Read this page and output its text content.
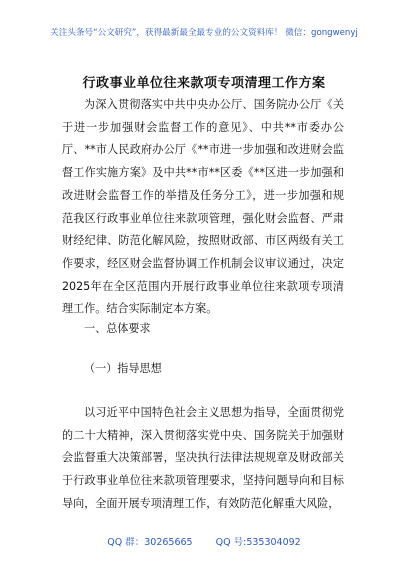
关注头条号“公文研究”，获得最新最全最专业的公文资料库！ 微信：gongwenyj
行政事业单位往来款项专项清理工作方案

为深入贯彻落实中共中央办公厅、国务院办公厅《关于进一步加强财会监督工作的意见》、中共**市委办公厅、**市人民政府办公厅《**市进一步加强和改进财会监督工作实施方案》及中共**市**区委《**区进一步加强和改进财会监督工作的举措及任务分工》，进一步加强和规范我区行政事业单位往来款项管理，强化财会监督、严肃财经纪律、防范化解风险，按照财政部、市区两级有关工作要求，经区财会监督协调工作机制会议审议通过，决定2025年在全区范围内开展行政事业单位往来款项专项清理工作。结合实际制定本方案。

一、总体要求
（一）指导思想

以习近平中国特色社会主义思想为指导，全面贯彻党的二十大精神，深入贯彻落实党中央、国务院关于加强财会监督重大决策部署，坚决执行法律法规规章及财政部关于行政事业单位往来款项管理要求，坚持问题导向和目标导向，全面开展专项清理工作，有效防范化解重大风险，

QQ 群：30265665 QQ 号:535304092
